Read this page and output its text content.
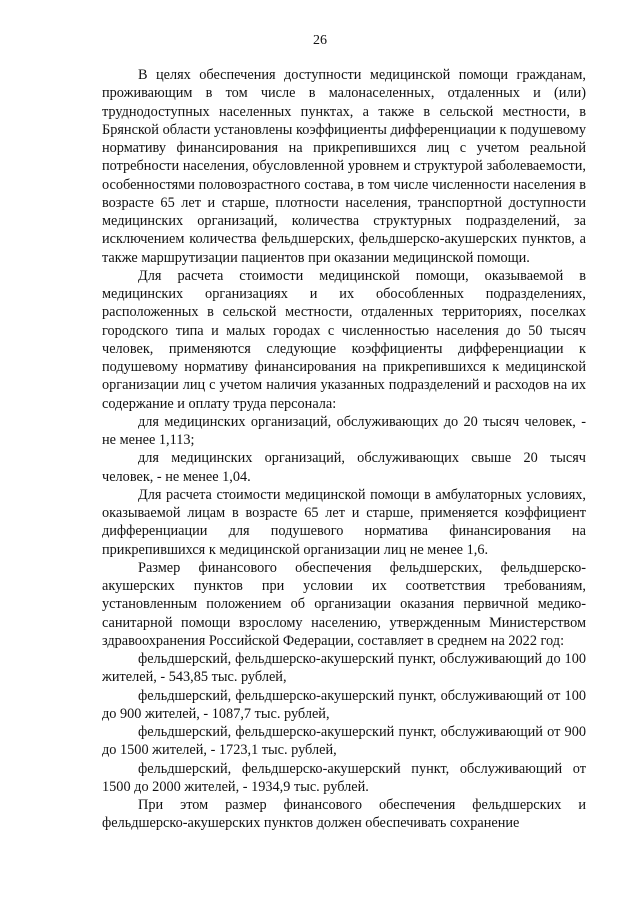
26

В целях обеспечения доступности медицинской помощи гражданам, проживающим в том числе в малонаселенных, отдаленных и (или) труднодоступных населенных пунктах, а также в сельской местности, в Брянской области установлены коэффициенты дифференциации к подушевому нормативу финансирования на прикрепившихся лиц с учетом реальной потребности населения, обусловленной уровнем и структурой заболеваемости, особенностями половозрастного состава, в том числе численности населения в возрасте 65 лет и старше, плотности населения, транспортной доступности медицинских организаций, количества структурных подразделений, за исключением количества фельдшерских, фельдшерско-акушерских пунктов, а также маршрутизации пациентов при оказании медицинской помощи.

Для расчета стоимости медицинской помощи, оказываемой в медицинских организациях и их обособленных подразделениях, расположенных в сельской местности, отдаленных территориях, поселках городского типа и малых городах с численностью населения до 50 тысяч человек, применяются следующие коэффициенты дифференциации к подушевому нормативу финансирования на прикрепившихся к медицинской организации лиц с учетом наличия указанных подразделений и расходов на их содержание и оплату труда персонала:

для медицинских организаций, обслуживающих до 20 тысяч человек, - не менее 1,113;

для медицинских организаций, обслуживающих свыше 20 тысяч человек, - не менее 1,04.

Для расчета стоимости медицинской помощи в амбулаторных условиях, оказываемой лицам в возрасте 65 лет и старше, применяется коэффициент дифференциации для подушевого норматива финансирования на прикрепившихся к медицинской организации лиц не менее 1,6.

Размер финансового обеспечения фельдшерских, фельдшерско-акушерских пунктов при условии их соответствия требованиям, установленным положением об организации оказания первичной медико-санитарной помощи взрослому населению, утвержденным Министерством здравоохранения Российской Федерации, составляет в среднем на 2022 год:

фельдшерский, фельдшерско-акушерский пункт, обслуживающий до 100 жителей, - 543,85 тыс. рублей,

фельдшерский, фельдшерско-акушерский пункт, обслуживающий от 100 до 900 жителей, - 1087,7 тыс. рублей,

фельдшерский, фельдшерско-акушерский пункт, обслуживающий от 900 до 1500 жителей, - 1723,1 тыс. рублей,

фельдшерский, фельдшерско-акушерский пункт, обслуживающий от 1500 до 2000 жителей, - 1934,9 тыс. рублей.

При этом размер финансового обеспечения фельдшерских и фельдшерско-акушерских пунктов должен обеспечивать сохранение
